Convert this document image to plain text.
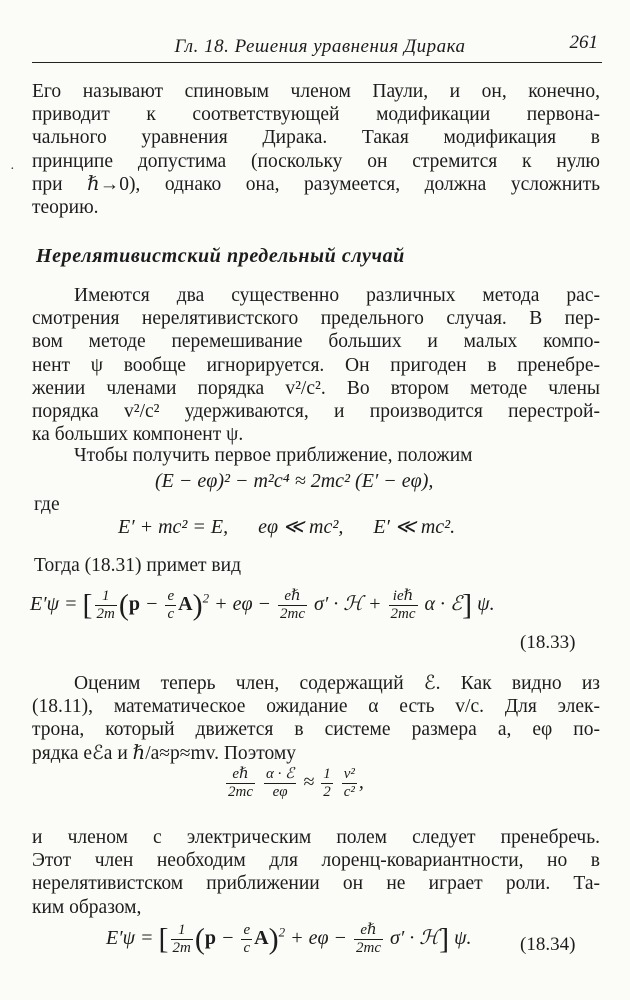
Гл. 18. Решения уравнения Дирака	261
·
Его называют спиновым членом Паули, и он, конечно,
приводит к соответствующей модификации первона-
чального уравнения Дирака. Такая модификация в
принципе допустима (поскольку он стремится к нулю
при ℏ→0), однако она, разумеется, должна усложнить
теорию.
Нерелятивистский предельный случай
Имеются два существенно различных метода рас-
смотрения нерелятивистского предельного случая. В пер-
вом методе перемешивание больших и малых компо-
нент ψ вообще игнорируется. Он пригоден в пренебре-
жении членами порядка v²/c². Во втором методе члены
порядка v²/c² удерживаются, и производится перестрой-
ка больших компонент ψ.
Чтобы получить первое приближение, положим
(E − eφ)² − m²c⁴ ≈ 2mc² (E′ − eφ),
где
E′ + mc² = E,      eφ ≪ mc²,      E′ ≪ mc².
Тогда (18.31) примет вид
E′ψ = [ $\frac{1}{2m} (p - \frac{e}{c} A)^2 + e\varphi - \frac{\text{eℏ}}{2mc} \sigma'$ · ℋ + $\frac{\text{ieℏ}}{2mc}$ α · ℰ] ψ.
(18.33)
Оценим теперь член, содержащий ℰ. Как видно из
(18.11), математическое ожидание α есть v/c. Для элек-
трона, который движется в системе размера a, eφ по-
рядка eℰa и ℏ/a≈p≈mv. Поэтому
$\frac{\text{eℏ}}{2mc}$
$\frac{\text{α · ℰ}}{e\varphi} \approx \frac{1}{2}$
$\frac{\text{v²}}{\text{c²}}$ ,
и членом с электрическим полем следует пренебречь.
Этот член необходим для лоренц-ковариантности, но в
нерелятивистском приближении он не играет роли. Та-
ким образом,
E′ψ = [ $\frac{1}{2m} (p - \frac{e}{c} A)^2 + e\varphi - \frac{\text{eℏ}}{2mc} \sigma'$ · ℋ] ψ.	(18.34)
